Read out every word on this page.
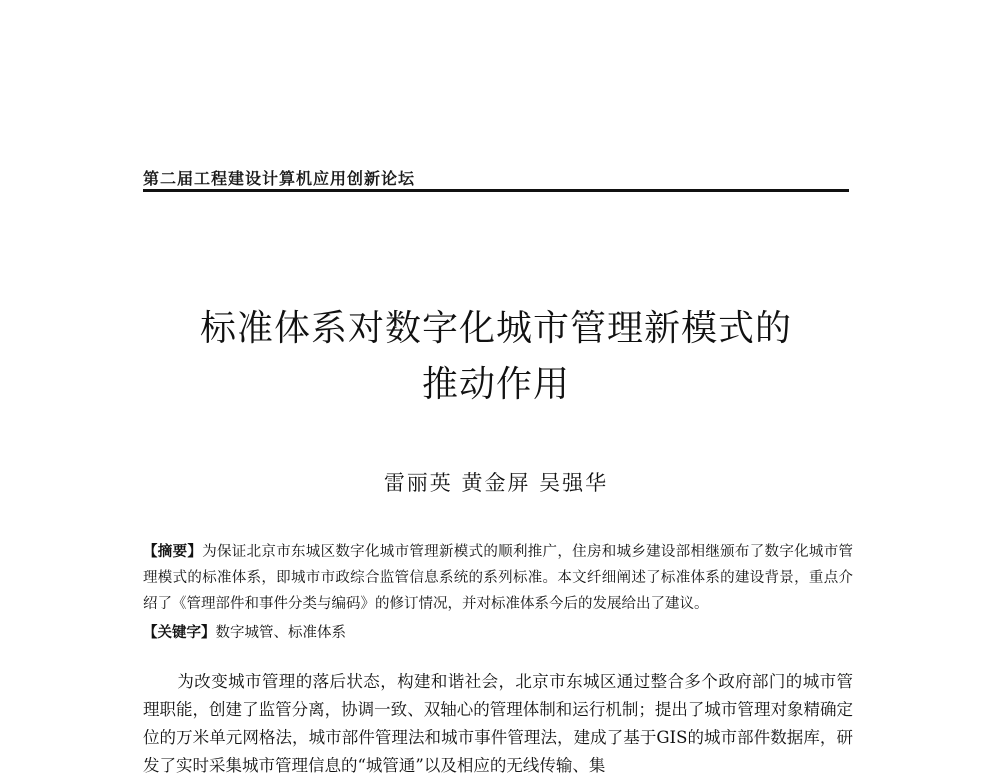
第二届工程建设计算机应用创新论坛
标准体系对数字化城市管理新模式的
推动作用
雷丽英 黄金屏 吴强华
【摘要】为保证北京市东城区数字化城市管理新模式的顺利推广，住房和城乡建设部相继颁布了数字化城市管理模式的标准体系，即城市市政综合监管信息系统的系列标准。本文纤细阐述了标准体系的建设背景，重点介绍了《管理部件和事件分类与编码》的修订情况，并对标准体系今后的发展给出了建议。
【关键字】数字城管、标准体系
为改变城市管理的落后状态，构建和谐社会，北京市东城区通过整合多个政府部门的城市管理职能，创建了监管分离，协调一致、双轴心的管理体制和运行机制；提出了城市管理对象精确定位的万米单元网格法，城市部件管理法和城市事件管理法，建成了基于GIS的城市部件数据库，研发了实时采集城市管理信息的“城管通”以及相应的无线传输、集
